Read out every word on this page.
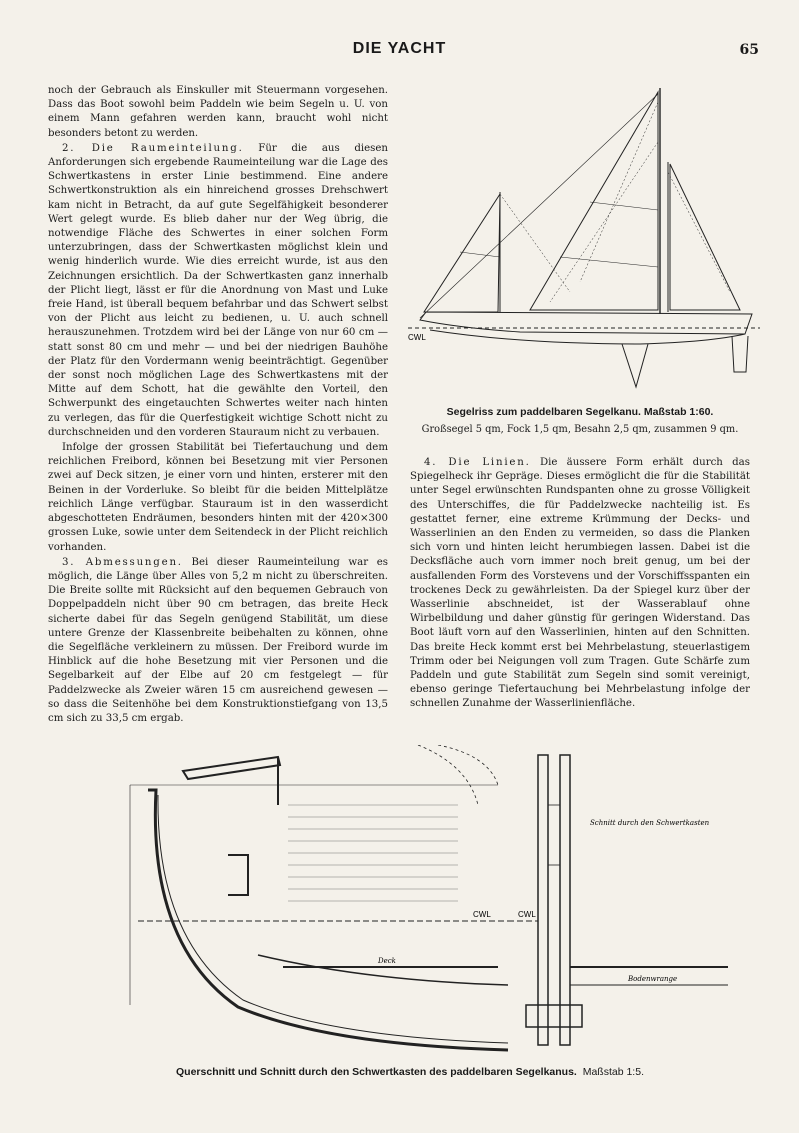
DIE YACHT	65

noch der Gebrauch als Einskuller mit Steuermann vorgesehen. Dass das Boot sowohl beim Paddeln wie beim Segeln u. U. von einem Mann gefahren werden kann, braucht wohl nicht besonders betont zu werden.

2. Die Raumeinteilung. Für die aus diesen Anforderungen sich ergebende Raumeinteilung war die Lage des Schwertkastens in erster Linie bestimmend. Eine andere Schwertkonstruktion als ein hinreichend grosses Drehschwert kam nicht in Betracht, da auf gute Segelfähigkeit besonderer Wert gelegt wurde. Es blieb daher nur der Weg übrig, die notwendige Fläche des Schwertes in einer solchen Form unterzubringen, dass der Schwertkasten möglichst klein und wenig hinderlich wurde. Wie dies erreicht wurde, ist aus den Zeichnungen ersichtlich. Da der Schwertkasten ganz innerhalb der Plicht liegt, lässt er für die Anordnung von Mast und Luke freie Hand, ist überall bequem befahrbar und das Schwert selbst von der Plicht aus leicht zu bedienen, u. U. auch schnell herauszunehmen. Trotzdem wird bei der Länge von nur 60 cm — statt sonst 80 cm und mehr — und bei der niedrigen Bauhöhe der Platz für den Vordermann wenig beeinträchtigt. Gegenüber der sonst noch möglichen Lage des Schwertkastens mit der Mitte auf dem Schott, hat die gewählte den Vorteil, den Schwerpunkt des eingetauchten Schwertes weiter nach hinten zu verlegen, das für die Querfestigkeit wichtige Schott nicht zu durchschneiden und den vorderen Stauraum nicht zu verbauen.

Infolge der grossen Stabilität bei Tiefertauchung und dem reichlichen Freibord, können bei Besetzung mit vier Personen zwei auf Deck sitzen, je einer vorn und hinten, ersterer mit den Beinen in der Vorderluke. So bleibt für die beiden Mittelplätze reichlich Länge verfügbar. Stauraum ist in den wasserdicht abgeschotteten Endräumen, besonders hinten mit der 420×300 grossen Luke, sowie unter dem Seitendeck in der Plicht reichlich vorhanden.

3. Abmessungen. Bei dieser Raumeinteilung war es möglich, die Länge über Alles von 5,2 m nicht zu überschreiten. Die Breite sollte mit Rücksicht auf den bequemen Gebrauch von Doppelpaddeln nicht über 90 cm betragen, das breite Heck sicherte dabei für das Segeln genügend Stabilität, um diese untere Grenze der Klassenbreite beibehalten zu können, ohne die Segelfläche verkleinern zu müssen. Der Freibord wurde im Hinblick auf die hohe Besetzung mit vier Personen und die Segelbarkeit auf der Elbe auf 20 cm festgelegt — für Paddelzwecke als Zweier wären 15 cm ausreichend gewesen — so dass die Seitenhöhe bei dem Konstruktionstiefgang von 13,5 cm sich zu 33,5 cm ergab.

CWL
Segelriss zum paddelbaren Segelkanu. Maßstab 1:60.
Großsegel 5 qm, Fock 1,5 qm, Besahn 2,5 qm, zusammen 9 qm.

4. Die Linien. Die äussere Form erhält durch das Spiegelheck ihr Gepräge. Dieses ermöglicht die für die Stabilität unter Segel erwünschten Rundspanten ohne zu grosse Völligkeit des Unterschiffes, die für Paddelzwecke nachteilig ist. Es gestattet ferner, eine extreme Krümmung der Decks- und Wasserlinien an den Enden zu vermeiden, so dass die Planken sich vorn und hinten leicht herumbiegen lassen. Dabei ist die Decksfläche auch vorn immer noch breit genug, um bei der ausfallenden Form des Vorstevens und der Vorschiffsspanten ein trockenes Deck zu gewährleisten. Da der Spiegel kurz über der Wasserlinie abschneidet, ist der Wasserablauf ohne Wirbelbildung und daher günstig für geringen Widerstand. Das Boot läuft vorn auf den Wasserlinien, hinten auf den Schnitten. Das breite Heck kommt erst bei Mehrbelastung, steuerlastigem Trimm oder bei Neigungen voll zum Tragen. Gute Schärfe zum Paddeln und gute Stabilität zum Segeln sind somit vereinigt, ebenso geringe Tiefertauchung bei Mehrbelastung infolge der schnellen Zunahme der Wasserlinienfläche.

CWL	CWL
Schnitt durch den Schwertkasten
Deck
Bodenwrange
Querschnitt und Schnitt durch den Schwertkasten des paddelbaren Segelkanus. Maßstab 1:5.
